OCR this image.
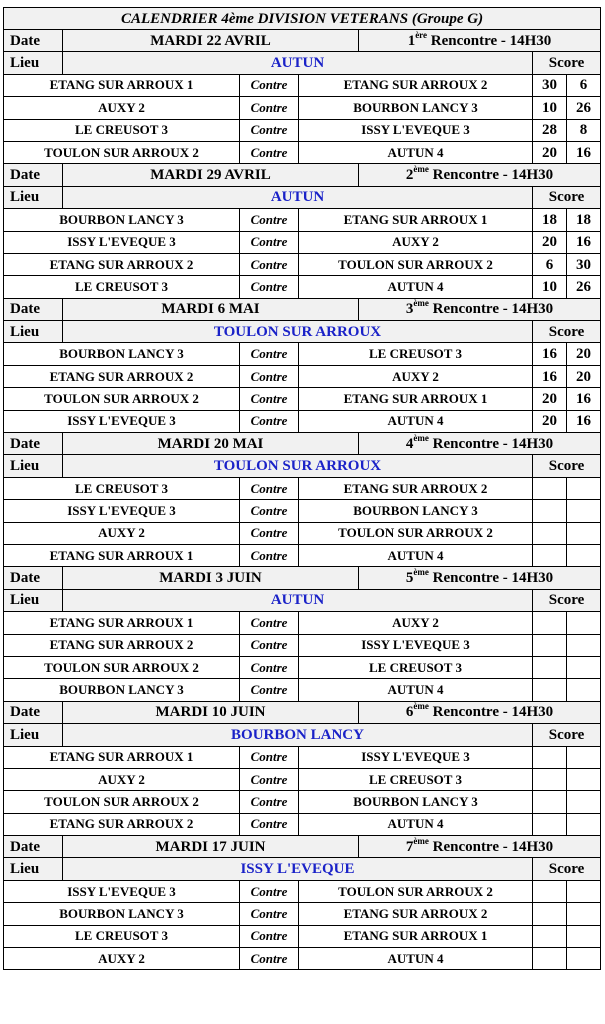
CALENDRIER 4ème DIVISION VETERANS (Groupe G)						
Date	MARDI 22 AVRIL			1ère Rencontre - 14H30		
Lieu	AUTUN				Score	
ETANG SUR ARROUX 1		Contre	ETANG SUR ARROUX 2		30	6
AUXY 2		Contre	BOURBON LANCY 3		10	26
LE CREUSOT 3		Contre	ISSY L'EVEQUE 3		28	8
TOULON SUR ARROUX 2		Contre	AUTUN 4		20	16
Date	MARDI 29 AVRIL			2ème Rencontre - 14H30		
Lieu	AUTUN				Score	
BOURBON LANCY 3		Contre	ETANG SUR ARROUX 1		18	18
ISSY L'EVEQUE 3		Contre	AUXY 2		20	16
ETANG SUR ARROUX 2		Contre	TOULON SUR ARROUX 2		6	30
LE CREUSOT 3		Contre	AUTUN 4		10	26
Date	MARDI 6 MAI			3ème Rencontre - 14H30		
Lieu	TOULON SUR ARROUX				Score	
BOURBON LANCY 3		Contre	LE CREUSOT 3		16	20
ETANG SUR ARROUX 2		Contre	AUXY 2		16	20
TOULON SUR ARROUX 2		Contre	ETANG SUR ARROUX 1		20	16
ISSY L'EVEQUE 3		Contre	AUTUN 4		20	16
Date	MARDI 20 MAI			4ème Rencontre - 14H30		
Lieu	TOULON SUR ARROUX				Score	
LE CREUSOT 3		Contre	ETANG SUR ARROUX 2			
ISSY L'EVEQUE 3		Contre	BOURBON LANCY 3			
AUXY 2		Contre	TOULON SUR ARROUX 2			
ETANG SUR ARROUX 1		Contre	AUTUN 4			
Date	MARDI 3 JUIN			5ème Rencontre - 14H30		
Lieu	AUTUN				Score	
ETANG SUR ARROUX 1		Contre	AUXY 2			
ETANG SUR ARROUX 2		Contre	ISSY L'EVEQUE 3			
TOULON SUR ARROUX 2		Contre	LE CREUSOT 3			
BOURBON LANCY 3		Contre	AUTUN 4			
Date	MARDI 10 JUIN			6ème Rencontre - 14H30		
Lieu	BOURBON LANCY				Score	
ETANG SUR ARROUX 1		Contre	ISSY L'EVEQUE 3			
AUXY 2		Contre	LE CREUSOT 3			
TOULON SUR ARROUX 2		Contre	BOURBON LANCY 3			
ETANG SUR ARROUX 2		Contre	AUTUN 4			
Date	MARDI 17 JUIN			7ème Rencontre - 14H30		
Lieu	ISSY L'EVEQUE				Score	
ISSY L'EVEQUE 3		Contre	TOULON SUR ARROUX 2			
BOURBON LANCY 3		Contre	ETANG SUR ARROUX 2			
LE CREUSOT 3		Contre	ETANG SUR ARROUX 1			
AUXY 2		Contre	AUTUN 4			
